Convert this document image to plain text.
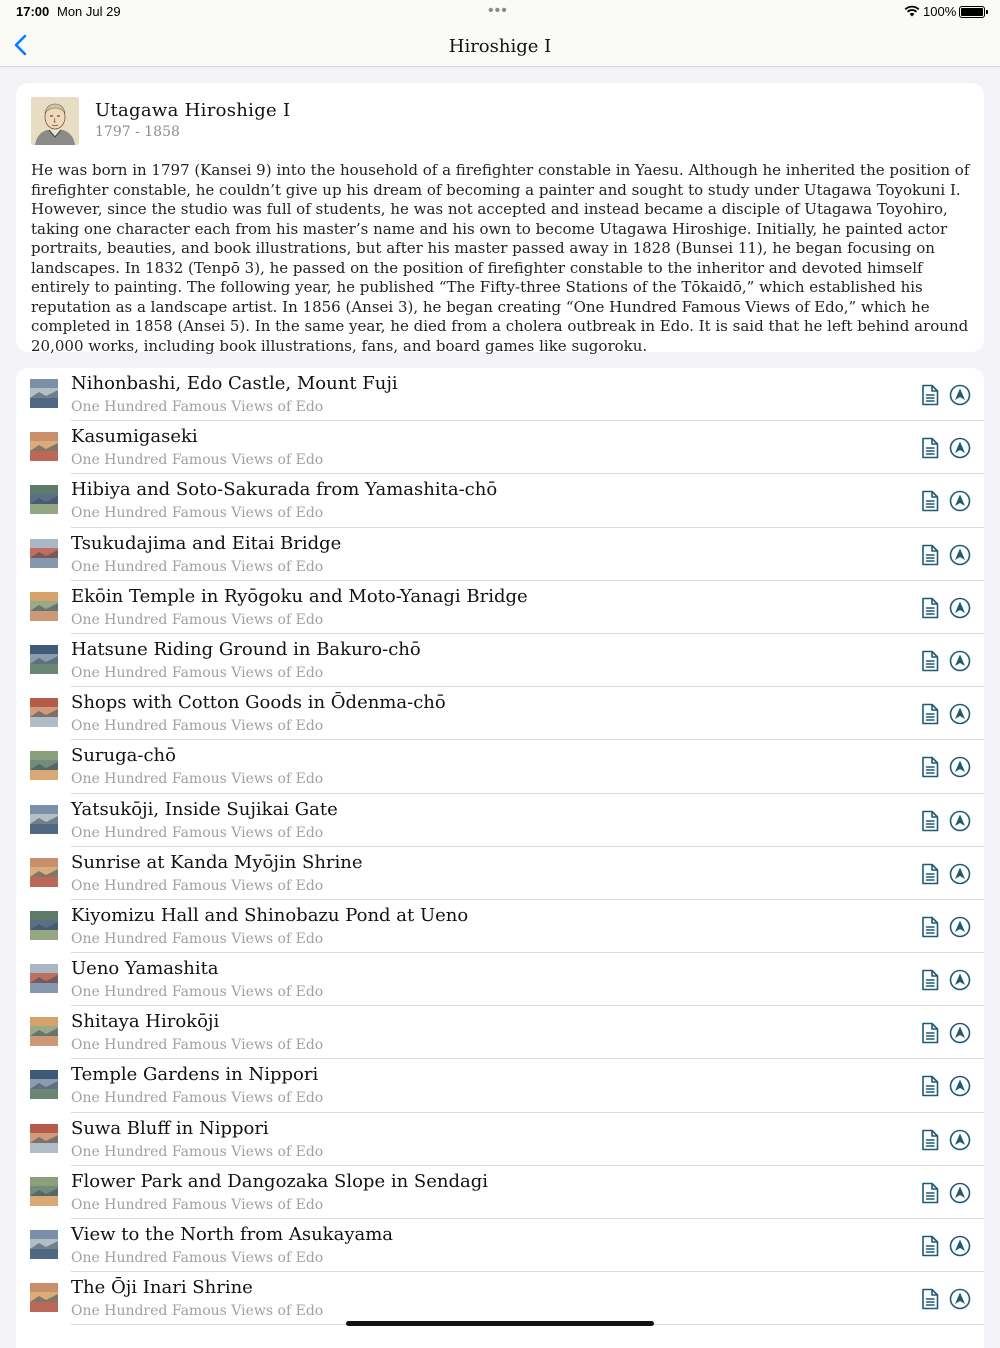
17:00 Mon Jul 29	•••	100%
Hiroshige I
Utagawa Hiroshige I
1797 - 1858

He was born in 1797 (Kansei 9) into the household of a firefighter constable in Yaesu. Although he inherited the position of firefighter constable, he couldn’t give up his dream of becoming a painter and sought to study under Utagawa Toyokuni I. However, since the studio was full of students, he was not accepted and instead became a disciple of Utagawa Toyohiro, taking one character each from his master’s name and his own to become Utagawa Hiroshige. Initially, he painted actor portraits, beauties, and book illustrations, but after his master passed away in 1828 (Bunsei 11), he began focusing on landscapes. In 1832 (Tenpō 3), he passed on the position of firefighter constable to the inheritor and devoted himself entirely to painting. The following year, he published “The Fifty-three Stations of the Tōkaidō,” which established his reputation as a landscape artist. In 1856 (Ansei 3), he began creating “One Hundred Famous Views of Edo,” which he completed in 1858 (Ansei 5). In the same year, he died from a cholera outbreak in Edo. It is said that he left behind around 20,000 works, including book illustrations, fans, and board games like sugoroku.

Nihonbashi, Edo Castle, Mount Fuji
One Hundred Famous Views of Edo
Kasumigaseki
One Hundred Famous Views of Edo
Hibiya and Soto-Sakurada from Yamashita-chō
One Hundred Famous Views of Edo
Tsukudajima and Eitai Bridge
One Hundred Famous Views of Edo
Ekōin Temple in Ryōgoku and Moto-Yanagi Bridge
One Hundred Famous Views of Edo
Hatsune Riding Ground in Bakuro-chō
One Hundred Famous Views of Edo
Shops with Cotton Goods in Ōdenma-chō
One Hundred Famous Views of Edo
Suruga-chō
One Hundred Famous Views of Edo
Yatsukōji, Inside Sujikai Gate
One Hundred Famous Views of Edo
Sunrise at Kanda Myōjin Shrine
One Hundred Famous Views of Edo
Kiyomizu Hall and Shinobazu Pond at Ueno
One Hundred Famous Views of Edo
Ueno Yamashita
One Hundred Famous Views of Edo
Shitaya Hirokōji
One Hundred Famous Views of Edo
Temple Gardens in Nippori
One Hundred Famous Views of Edo
Suwa Bluff in Nippori
One Hundred Famous Views of Edo
Flower Park and Dangozaka Slope in Sendagi
One Hundred Famous Views of Edo
View to the North from Asukayama
One Hundred Famous Views of Edo
The Ōji Inari Shrine
One Hundred Famous Views of Edo
